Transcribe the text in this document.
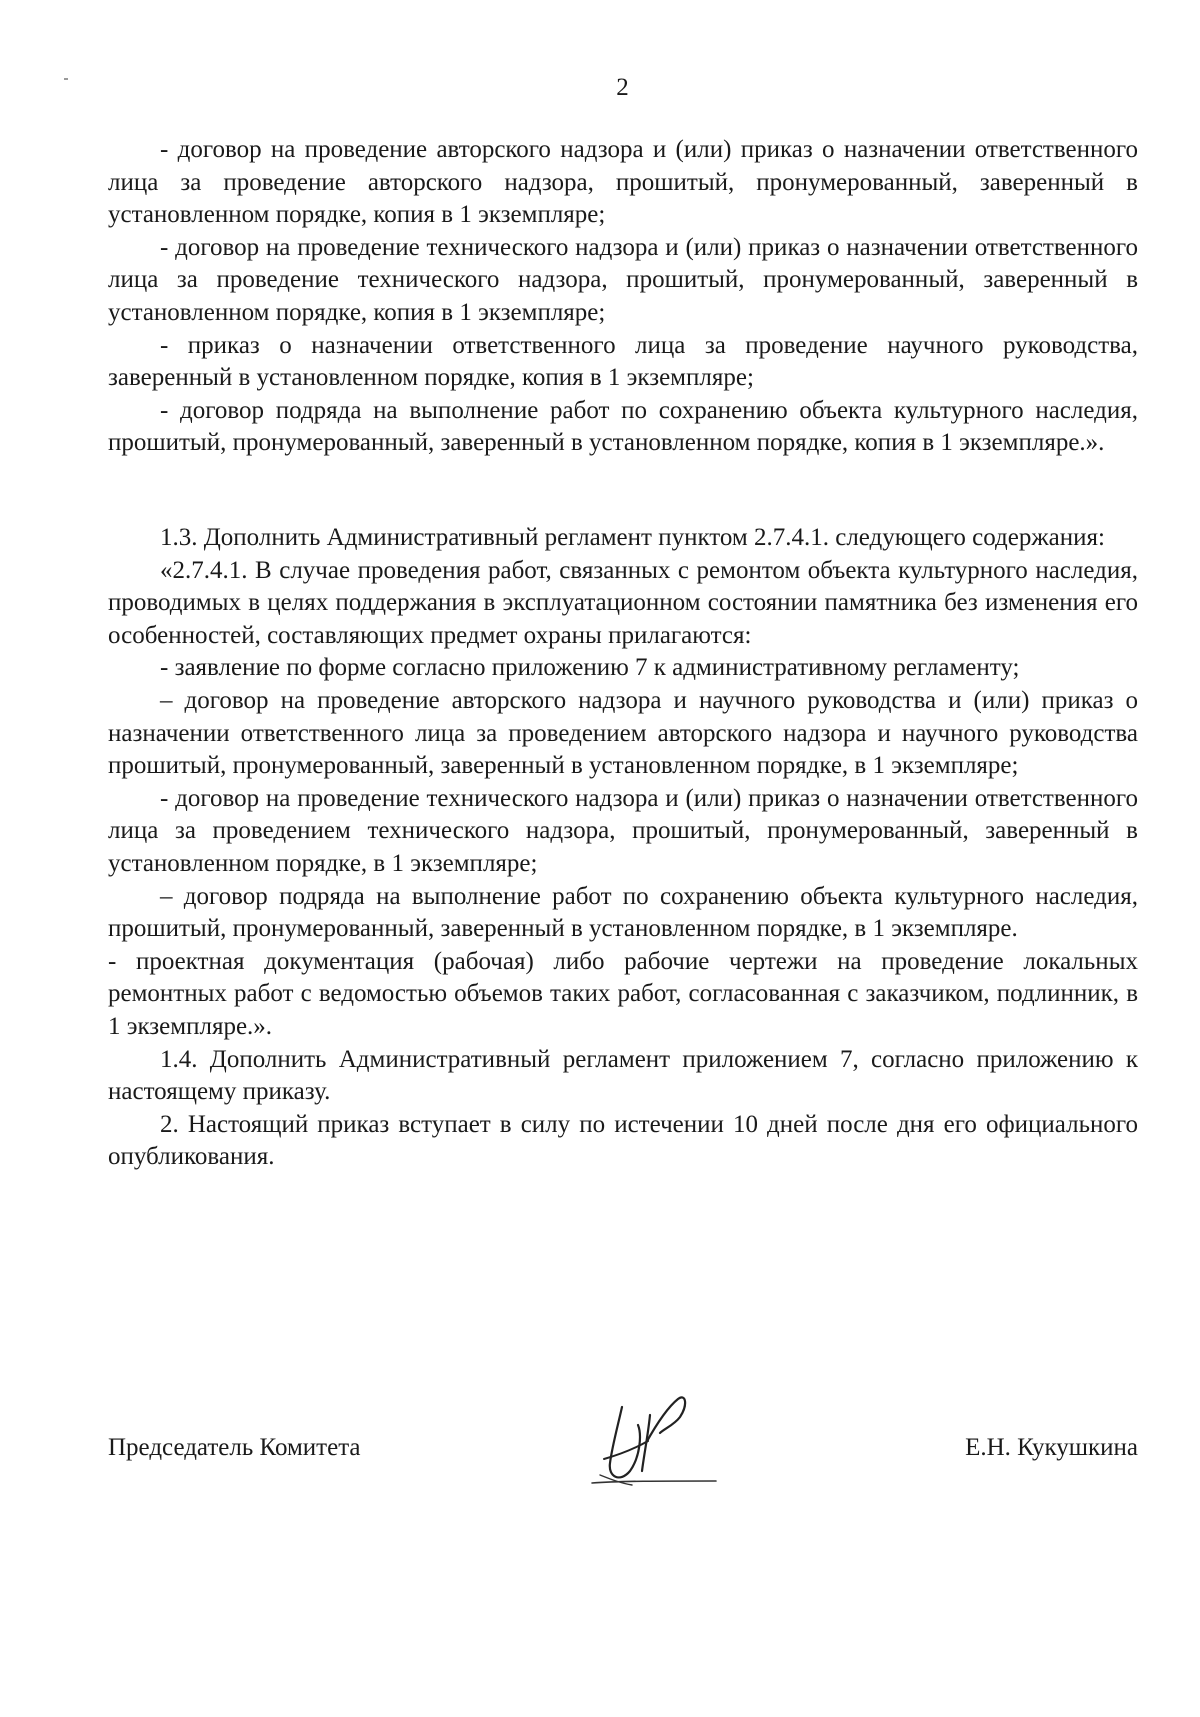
2

- договор на проведение авторского надзора и (или) приказ о назначении ответственного лица за проведение авторского надзора, прошитый, пронумерованный, заверенный в установленном порядке, копия в 1 экземпляре;

- договор на проведение технического надзора и (или) приказ о назначении ответственного лица за проведение технического надзора, прошитый, пронумерованный, заверенный в установленном порядке, копия в 1 экземпляре;

- приказ о назначении ответственного лица за проведение научного руководства, заверенный в установленном порядке, копия в 1 экземпляре;

- договор подряда на выполнение работ по сохранению объекта культурного наследия, прошитый, пронумерованный, заверенный в установленном порядке, копия в 1 экземпляре.».

1.3. Дополнить Административный регламент пунктом 2.7.4.1. следующего содержания:

«2.7.4.1. В случае проведения работ, связанных с ремонтом объекта культурного наследия, проводимых в целях поддержания в эксплуатационном состоянии памятника без изменения его особенностей, составляющих предмет охраны прилагаются:

- заявление по форме согласно приложению 7 к административному регламенту;

– договор на проведение авторского надзора и научного руководства и (или) приказ о назначении ответственного лица за проведением авторского надзора и научного руководства прошитый, пронумерованный, заверенный в установленном порядке, в 1 экземпляре;

- договор на проведение технического надзора и (или) приказ о назначении ответственного лица за проведением технического надзора, прошитый, пронумерованный, заверенный в установленном порядке, в 1 экземпляре;

– договор подряда на выполнение работ по сохранению объекта культурного наследия, прошитый, пронумерованный, заверенный в установленном порядке, в 1 экземпляре.

- проектная документация (рабочая) либо рабочие чертежи на проведение локальных ремонтных работ с ведомостью объемов таких работ, согласованная с заказчиком, подлинник, в 1 экземпляре.».

1.4. Дополнить Административный регламент приложением 7, согласно приложению к настоящему приказу.

2. Настоящий приказ вступает в силу по истечении 10 дней после дня его официального опубликования.

Председатель Комитета	Е.Н. Кукушкина
